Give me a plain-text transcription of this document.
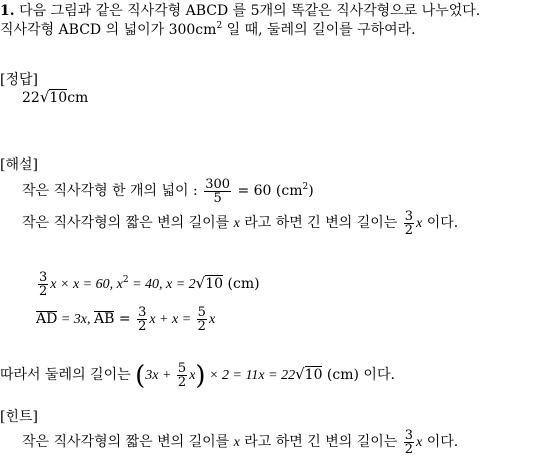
1. 다음 그림과 같은 직사각형 ABCD 를 5개의 똑같은 직사각형으로 나누었다.
직사각형 ABCD 의 넓이가 $300cm^2$ 일 때, 둘레의 길이를 구하여라.
[정답]
22√10cm
[해설]
작은 직사각형 한 개의 넓이 : $\frac{300}{5} = 60$ $(cm^2)$
작은 직사각형의 짧은 변의 길이를 x 라고 하면 긴 변의 길이는 $\frac{3}{2}$ x 이다.
$\frac{3}{2}$ x × x = 60, $x^2 = 40$, x = 2√10 (cm)
AD = 3x, AB = $\frac{3}{2}$ $x + x = \frac{5}{2}$ x
따라서 둘레의 길이는 $(3x + \frac{5}{2} x) \times 2 = 11x = 22√10$ (cm) 이다.
[힌트]
작은 직사각형의 짧은 변의 길이를 x 라고 하면 긴 변의 길이는 $\frac{3}{2}$ x 이다.
